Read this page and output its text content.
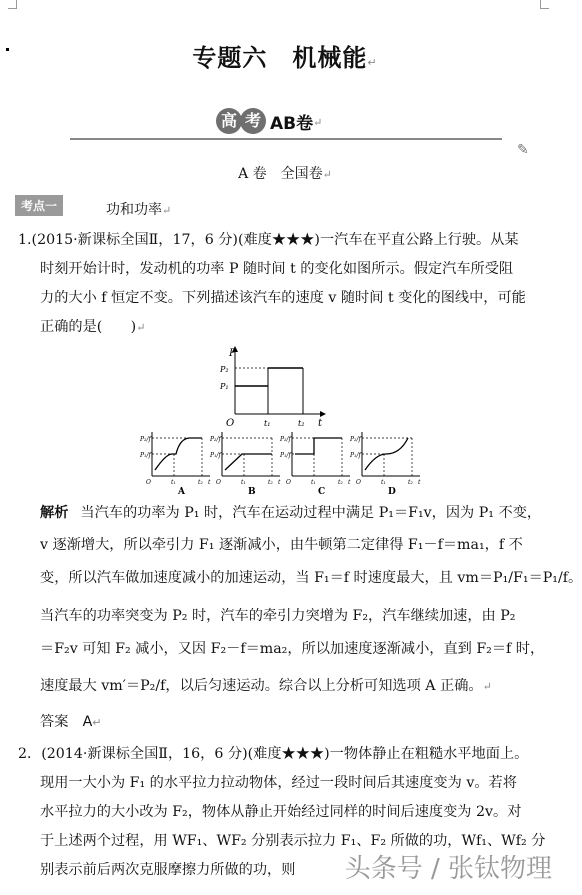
专题六　机械能↵
高 考 AB卷↵
A 卷　全国卷↵
✎
考点一	功和功率↵
1.(2015·新课标全国Ⅱ，17，6 分)(难度★★★)一汽车在平直公路上行驶。从某
时刻开始计时，发动机的功率 P 随时间 t 的变化如图所示。假定汽车所受阻
力的大小 f 恒定不变。下列描述该汽车的速度 v 随时间 t 变化的图线中，可能
正确的是(　　)↵
P
t
O
P₂
P₁
t₁	t₂
P₂/f
P₁/f
t₁	t₂
O	t
A
P₂/f
P₁/f
t₁	t₂
O	t
B
P₂/f
P₁/f
t₁	t₂
O	t
C
P₂/f
P₁/f
t₁	t₂
O	t
D
解析 当汽车的功率为 P₁ 时，汽车在运动过程中满足 P₁＝F₁v，因为 P₁ 不变，
v 逐渐增大，所以牵引力 F₁ 逐渐减小，由牛顿第二定律得 F₁－f＝ma₁，f 不
变，所以汽车做加速度减小的加速运动，当 F₁＝f 时速度最大，且 vm＝P₁/F₁＝P₁/f。
当汽车的功率突变为 P₂ 时，汽车的牵引力突增为 F₂，汽车继续加速，由 P₂
＝F₂v 可知 F₂ 减小，又因 F₂－f＝ma₂，所以加速度逐渐减小，直到 F₂＝f 时，
速度最大 vm′＝P₂/f，以后匀速运动。综合以上分析可知选项 A 正确。↵
答案　A↵
2．(2014·新课标全国Ⅱ，16，6 分)(难度★★★)一物体静止在粗糙水平地面上。
现用一大小为 F₁ 的水平拉力拉动物体，经过一段时间后其速度变为 v。若将
水平拉力的大小改为 F₂，物体从静止开始经过同样的时间后速度变为 2v。对
于上述两个过程，用 WF₁、WF₂ 分别表示拉力 F₁、F₂ 所做的功，Wf₁、Wf₂ 分
别表示前后两次克服摩擦力所做的功，则 头条号 / 张钛物理
